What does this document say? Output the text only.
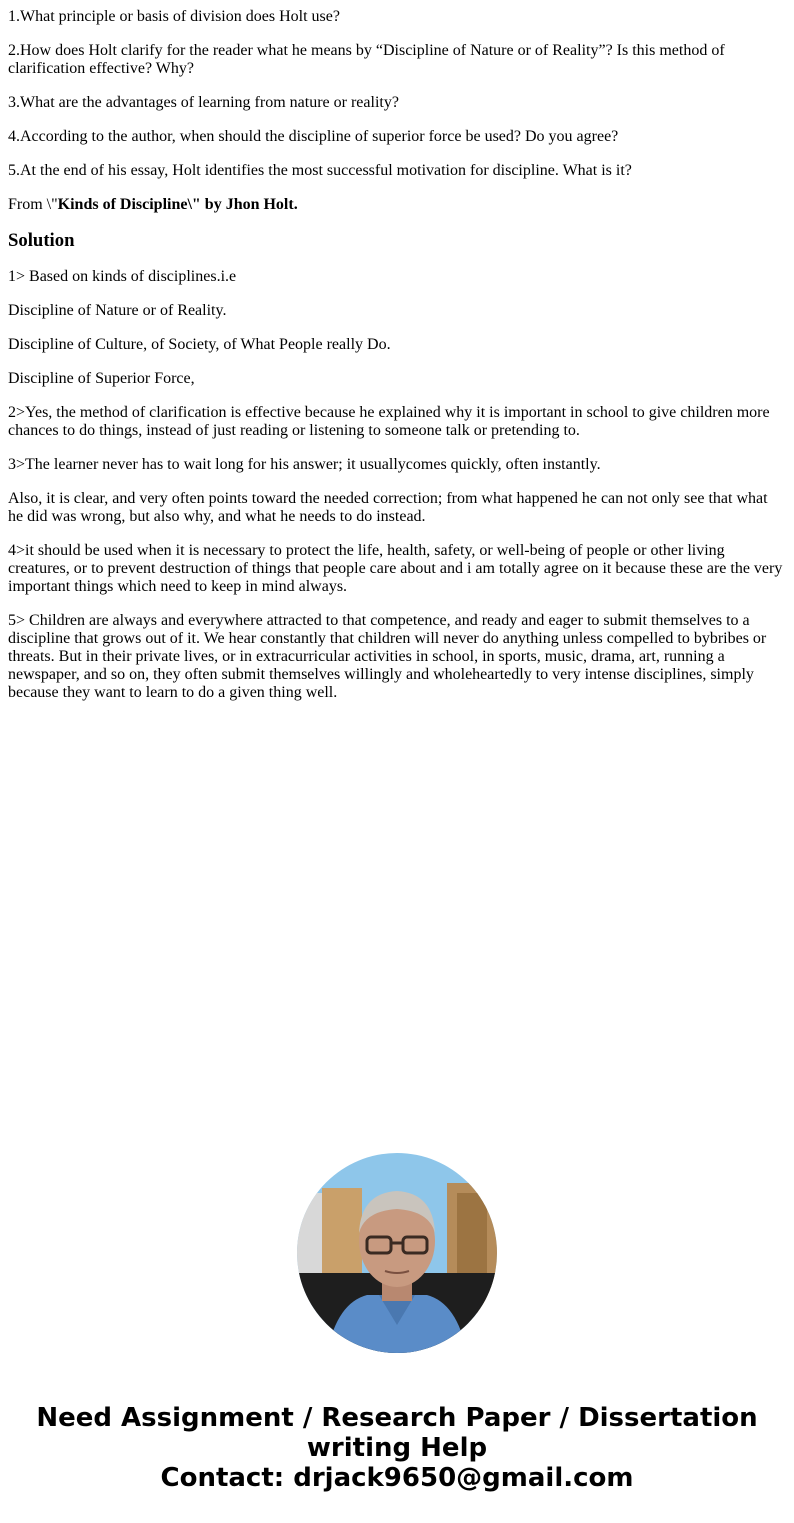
1.What principle or basis of division does Holt use?

2.How does Holt clarify for the reader what he means by “Discipline of Nature or of Reality”? Is this method of clarification effective? Why?

3.What are the advantages of learning from nature or reality?

4.According to the author, when should the discipline of superior force be used? Do you agree?

5.At the end of his essay, Holt identifies the most successful motivation for discipline. What is it?

From \"Kinds of Discipline\" by Jhon Holt.

Solution

1> Based on kinds of disciplines.i.e

Discipline of Nature or of Reality.

Discipline of Culture, of Society, of What People really Do.

Discipline of Superior Force,

2>Yes, the method of clarification is effective because he explained why it is important in school to give children more chances to do things, instead of just reading or listening to someone talk or pretending to.

3>The learner never has to wait long for his answer; it usuallycomes quickly, often instantly.

Also, it is clear, and very often points toward the needed correction; from what happened he can not only see that what he did was wrong, but also why, and what he needs to do instead.

4>it should be used when it is necessary to protect the life, health, safety, or well-being of people or other living creatures, or to prevent destruction of things that people care about and i am totally agree on it because these are the very important things which need to keep in mind always.

5> Children are always and everywhere attracted to that competence, and ready and eager to submit themselves to a discipline that grows out of it. We hear constantly that children will never do anything unless compelled to bybribes or threats. But in their private lives, or in extracurricular activities in school, in sports, music, drama, art, running a newspaper, and so on, they often submit themselves willingly and wholeheartedly to very intense disciplines, simply because they want to learn to do a given thing well.

Need Assignment / Research Paper / Dissertation
writing Help
Contact: drjack9650@gmail.com
